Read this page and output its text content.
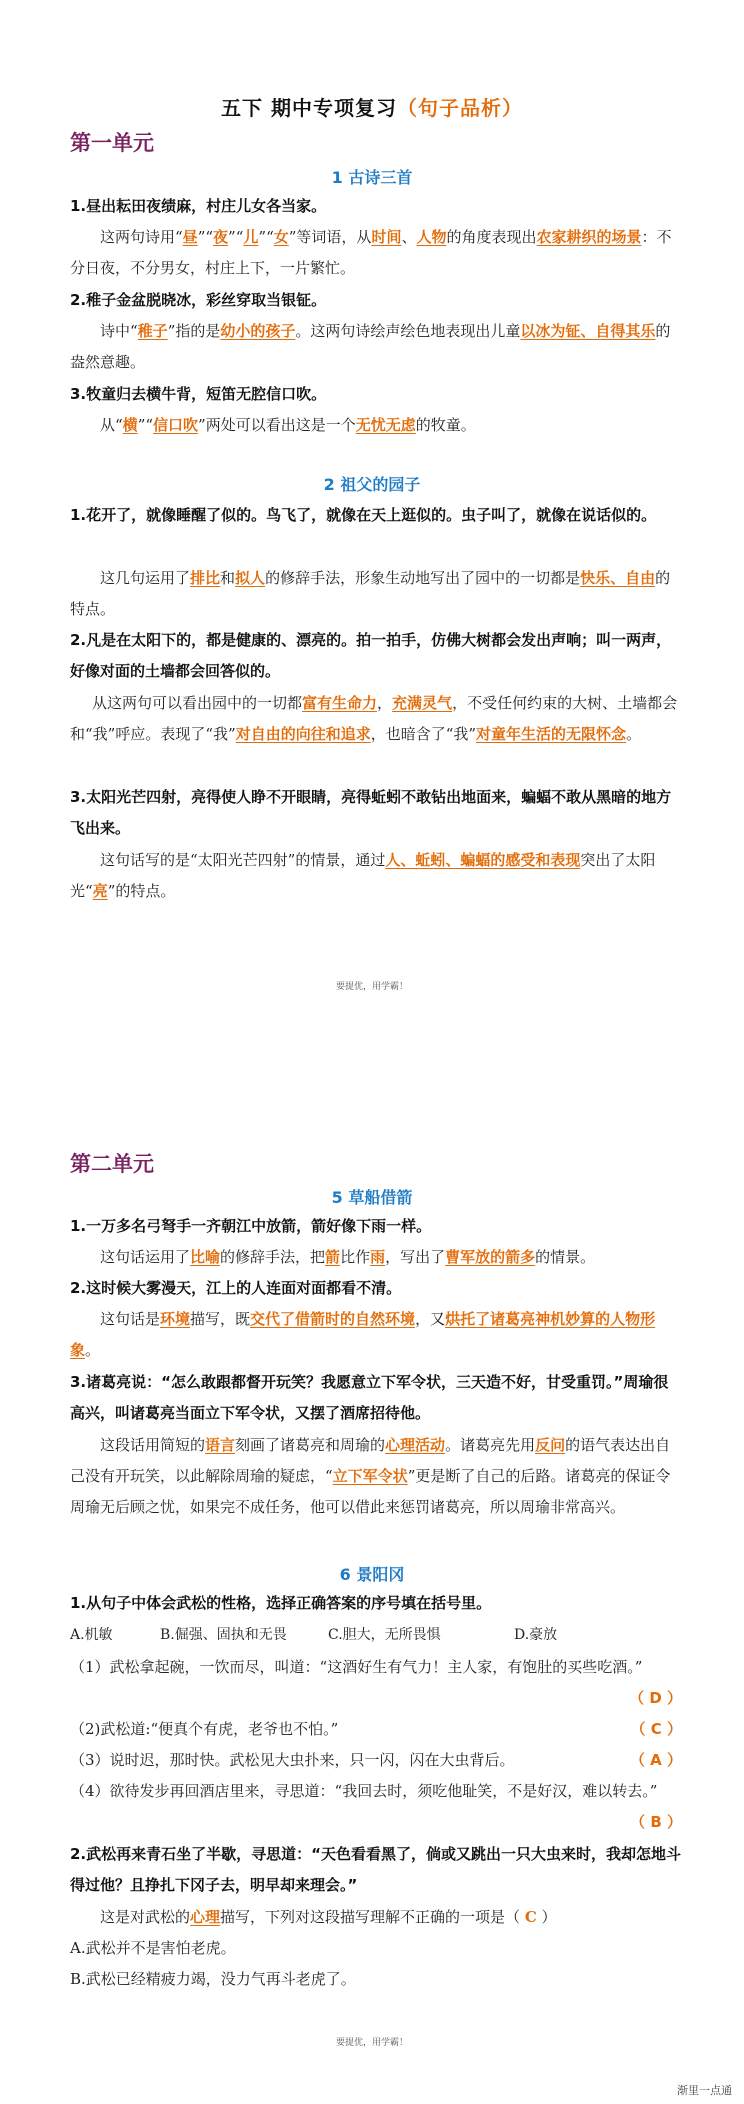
五下 期中专项复习（句子品析）
第一单元
1 古诗三首
1.昼出耘田夜绩麻，村庄儿女各当家。
这两句诗用“昼”“夜”“儿”“女”等词语，从时间、人物的角度表现出农家耕织的场景：不分日夜，不分男女，村庄上下，一片繁忙。
2.稚子金盆脱晓冰，彩丝穿取当银钲。
诗中“稚子”指的是幼小的孩子。这两句诗绘声绘色地表现出儿童以冰为钲、自得其乐的盎然意趣。
3.牧童归去横牛背，短笛无腔信口吹。
从“横”“信口吹”两处可以看出这是一个无忧无虑的牧童。
2 祖父的园子
1.花开了，就像睡醒了似的。鸟飞了，就像在天上逛似的。虫子叫了，就像在说话似的。
这几句运用了排比和拟人的修辞手法，形象生动地写出了园中的一切都是快乐、自由的特点。
2.凡是在太阳下的，都是健康的、漂亮的。拍一拍手，仿佛大树都会发出声响；叫一两声，好像对面的土墙都会回答似的。
从这两句可以看出园中的一切都富有生命力，充满灵气，不受任何约束的大树、土墙都会和“我”呼应。表现了“我”对自由的向往和追求，也暗含了“我”对童年生活的无限怀念。
3.太阳光芒四射，亮得使人睁不开眼睛，亮得蚯蚓不敢钻出地面来，蝙蝠不敢从黑暗的地方飞出来。
这句话写的是“太阳光芒四射”的情景，通过人、蚯蚓、蝙蝠的感受和表现突出了太阳光“亮”的特点。
要提优，用学霸！
第二单元
5 草船借箭
1.一万多名弓弩手一齐朝江中放箭，箭好像下雨一样。
这句话运用了比喻的修辞手法，把箭比作雨，写出了曹军放的箭多的情景。
2.这时候大雾漫天，江上的人连面对面都看不清。
这句话是环境描写，既交代了借箭时的自然环境，又烘托了诸葛亮神机妙算的人物形象。
3.诸葛亮说：“怎么敢跟都督开玩笑？我愿意立下军令状，三天造不好，甘受重罚。”周瑜很高兴，叫诸葛亮当面立下军令状，又摆了酒席招待他。
这段话用简短的语言刻画了诸葛亮和周瑜的心理活动。诸葛亮先用反问的语气表达出自己没有开玩笑，以此解除周瑜的疑虑，“立下军令状”更是断了自己的后路。诸葛亮的保证令周瑜无后顾之忧，如果完不成任务，他可以借此来惩罚诸葛亮，所以周瑜非常高兴。
6 景阳冈
1.从句子中体会武松的性格，选择正确答案的序号填在括号里。
A.机敏	B.倔强、固执和无畏	C.胆大，无所畏惧	D.豪放
（1）武松拿起碗，一饮而尽，叫道：“这酒好生有气力！主人家，有饱肚的买些吃酒。”
（ D ）
（2)武松道:“便真个有虎，老爷也不怕。”	（ C ）
（3）说时迟，那时快。武松见大虫扑来，只一闪，闪在大虫背后。	（ A ）
（4）欲待发步再回酒店里来，寻思道：“我回去时，须吃他耻笑，不是好汉，难以转去。”
（ B ）
2.武松再来青石坐了半歇，寻思道：“天色看看黑了，倘或又跳出一只大虫来时，我却怎地斗得过他？且挣扎下冈子去，明早却来理会。”
这是对武松的心理描写，下列对这段描写理解不正确的一项是（ C ）
A.武松并不是害怕老虎。
B.武松已经精疲力竭，没力气再斗老虎了。
要提优，用学霸！
渐里一点通
